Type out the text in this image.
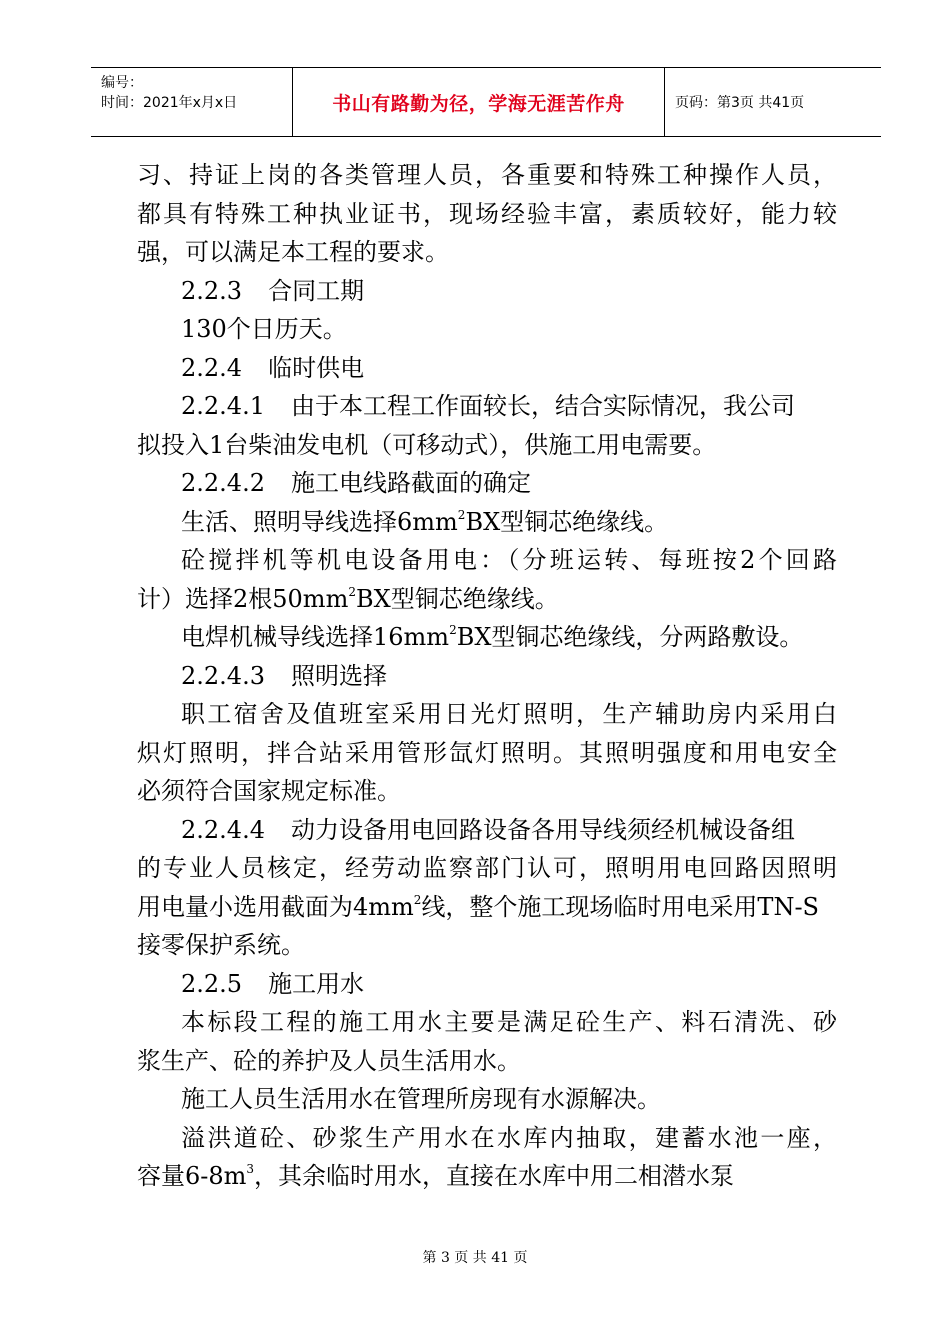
编号：
时间：2021年x月x日	书山有路勤为径，学海无涯苦作舟	页码：第3页 共41页
习、持证上岗的各类管理人员，各重要和特殊工种操作人员，
都具有特殊工种执业证书，现场经验丰富，素质较好，能力较
强，可以满足本工程的要求。
2.2.3 合同工期
130个日历天。
2.2.4 临时供电
2.2.4.1 由于本工程工作面较长，结合实际情况，我公司
拟投入1台柴油发电机（可移动式），供施工用电需要。
2.2.4.2 施工电线路截面的确定
生活、照明导线选择$6mm^2BX$型铜芯绝缘线。
砼搅拌机等机电设备用电：（分班运转、每班按2个回路
计）选择2根$50mm^2BX$型铜芯绝缘线。
电焊机械导线选择$16mm^2BX$型铜芯绝缘线，分两路敷设。
2.2.4.3 照明选择
职工宿舍及值班室采用日光灯照明，生产辅助房内采用白
炽灯照明，拌合站采用管形氙灯照明。其照明强度和用电安全
必须符合国家规定标准。
2.2.4.4 动力设备用电回路设备各用导线须经机械设备组
的专业人员核定，经劳动监察部门认可，照明用电回路因照明
用电量小选用截面为$4mm^2$线，整个施工现场临时用电采用TN-S
接零保护系统。
2.2.5 施工用水
本标段工程的施工用水主要是满足砼生产、料石清洗、砂
浆生产、砼的养护及人员生活用水。
施工人员生活用水在管理所房现有水源解决。
溢洪道砼、砂浆生产用水在水库内抽取，建蓄水池一座，
容量$6-8m^3$，其余临时用水，直接在水库中用二相潜水泵
第 3 页 共 41 页
